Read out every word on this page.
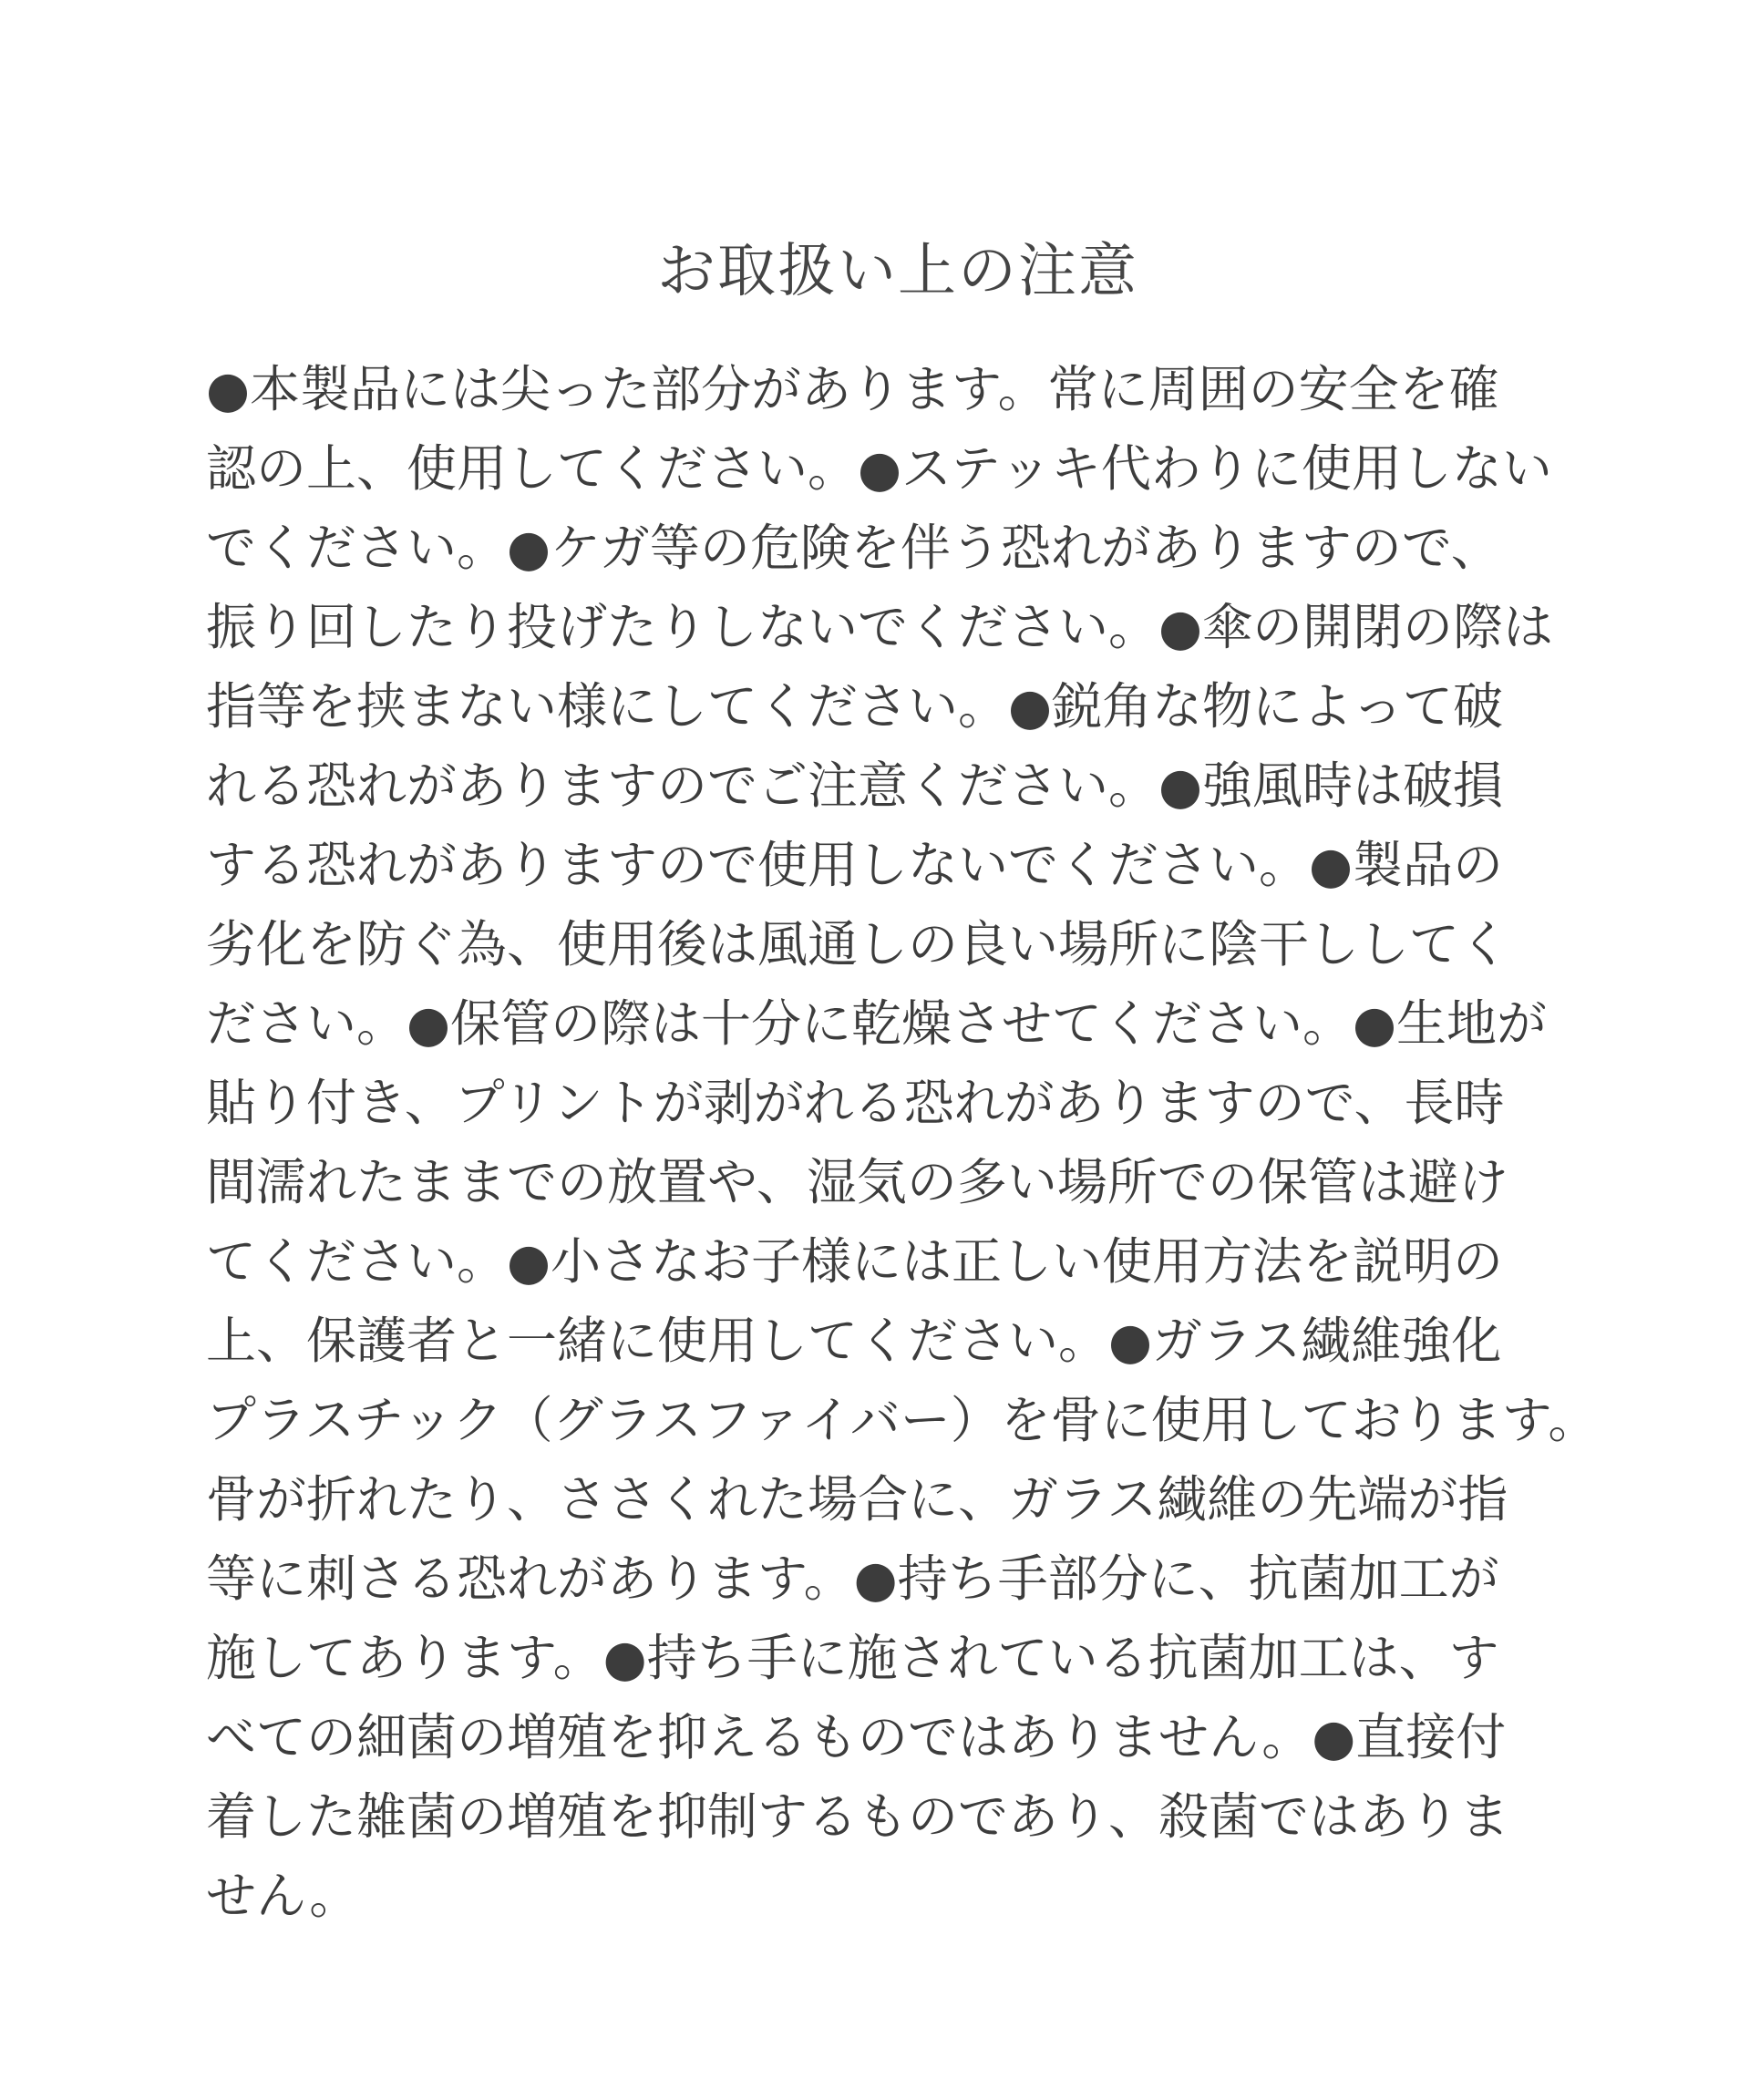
お取扱い上の注意
●本製品には尖った部分があります。常に周囲の安全を確
認の上、使用してください。●ステッキ代わりに使用しない
でください。●ケガ等の危険を伴う恐れがありますので、
振り回したり投げたりしないでください。●傘の開閉の際は
指等を挟まない様にしてください。●鋭角な物によって破
れる恐れがありますのでご注意ください。●強風時は破損
する恐れがありますので使用しないでください。●製品の
劣化を防ぐ為、使用後は風通しの良い場所に陰干ししてく
ださい。●保管の際は十分に乾燥させてください。●生地が
貼り付き、プリントが剥がれる恐れがありますので、長時
間濡れたままでの放置や、湿気の多い場所での保管は避け
てください。●小さなお子様には正しい使用方法を説明の
上、保護者と一緒に使用してください。●ガラス繊維強化
プラスチック（グラスファイバー）を骨に使用しております。
骨が折れたり、ささくれた場合に、ガラス繊維の先端が指
等に刺さる恐れがあります。●持ち手部分に、抗菌加工が
施してあります。●持ち手に施されている抗菌加工は、す
べての細菌の増殖を抑えるものではありません。●直接付
着した雑菌の増殖を抑制するものであり、殺菌ではありま
せん。
